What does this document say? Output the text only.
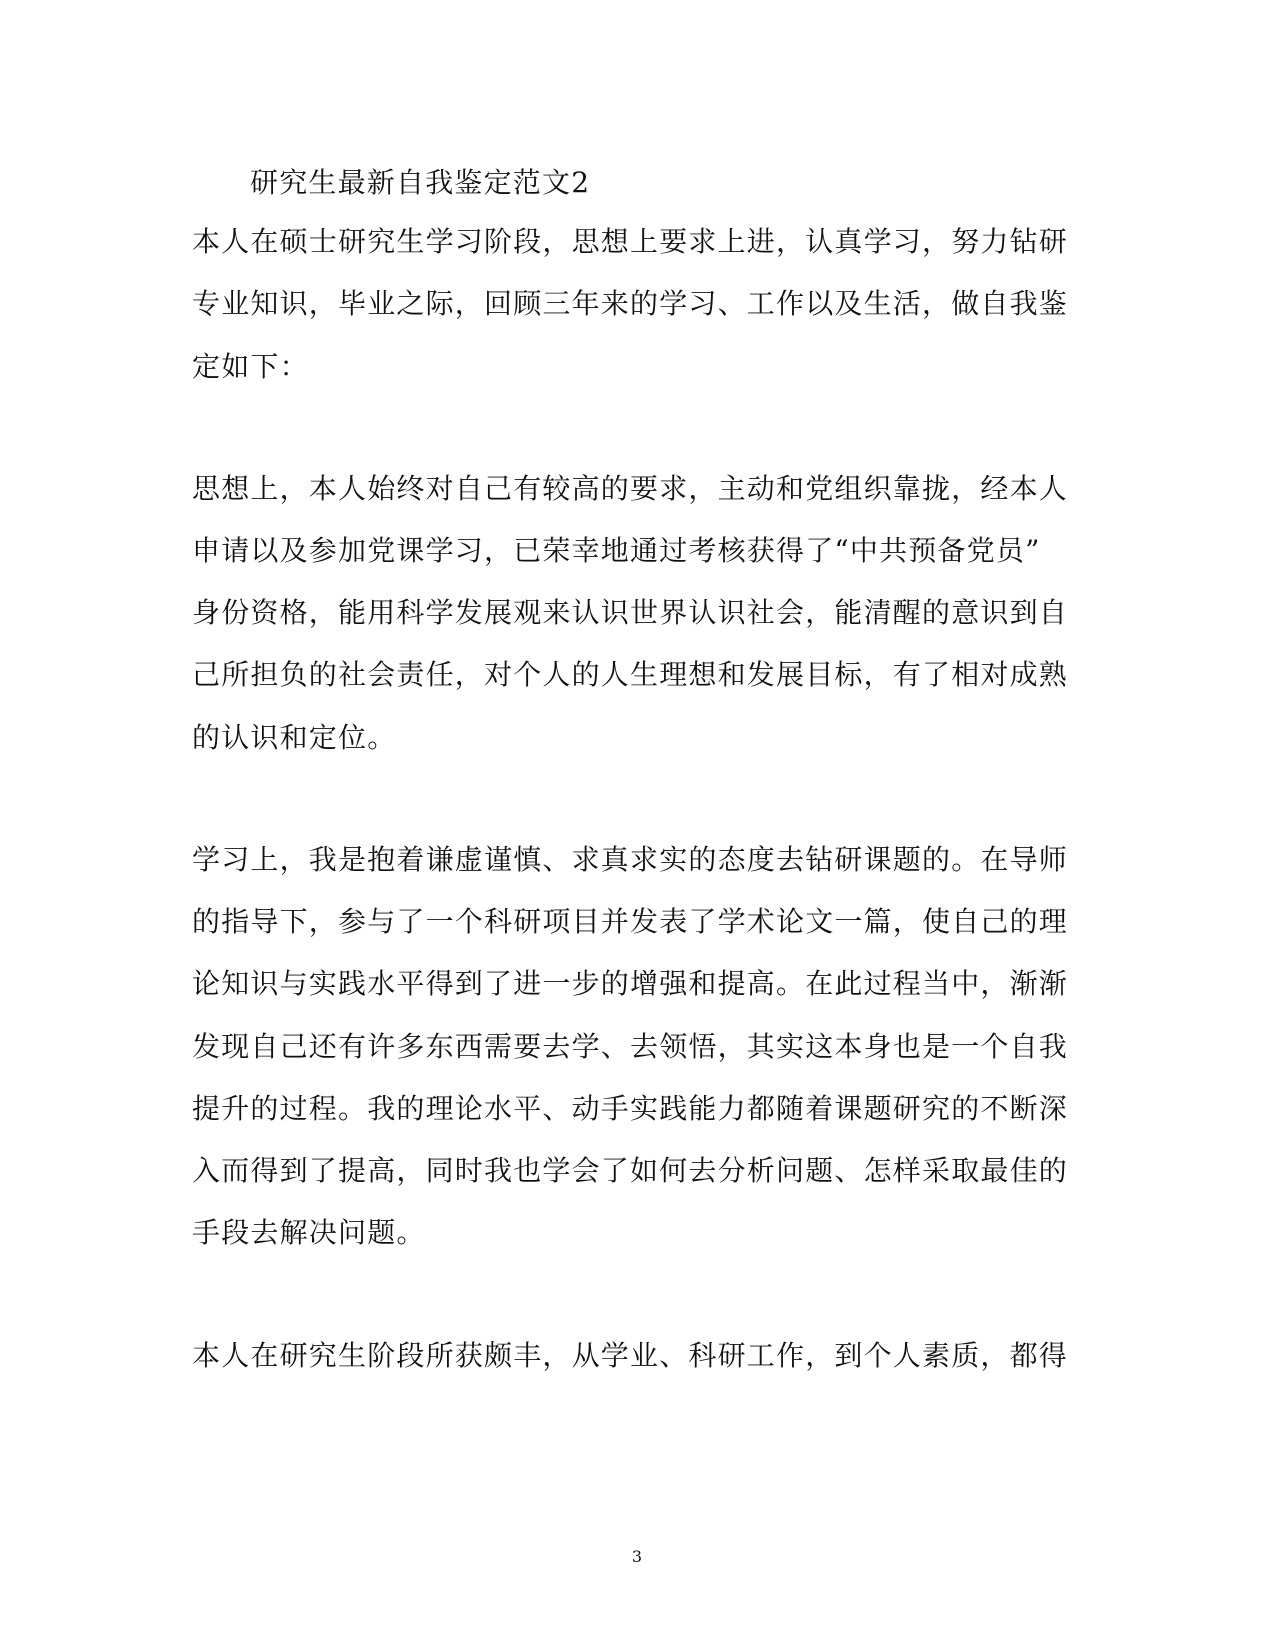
研究生最新自我鉴定范文2
本人在硕士研究生学习阶段，思想上要求上进，认真学习，努力钻研
专业知识，毕业之际，回顾三年来的学习、工作以及生活，做自我鉴
定如下：
思想上，本人始终对自己有较高的要求，主动和党组织靠拢，经本人
申请以及参加党课学习，已荣幸地通过考核获得了“中共预备党员”
身份资格，能用科学发展观来认识世界认识社会，能清醒的意识到自
己所担负的社会责任，对个人的人生理想和发展目标，有了相对成熟
的认识和定位。
学习上，我是抱着谦虚谨慎、求真求实的态度去钻研课题的。在导师
的指导下，参与了一个科研项目并发表了学术论文一篇，使自己的理
论知识与实践水平得到了进一步的增强和提高。在此过程当中，渐渐
发现自己还有许多东西需要去学、去领悟，其实这本身也是一个自我
提升的过程。我的理论水平、动手实践能力都随着课题研究的不断深
入而得到了提高，同时我也学会了如何去分析问题、怎样采取最佳的
手段去解决问题。
本人在研究生阶段所获颇丰，从学业、科研工作，到个人素质，都得
3
